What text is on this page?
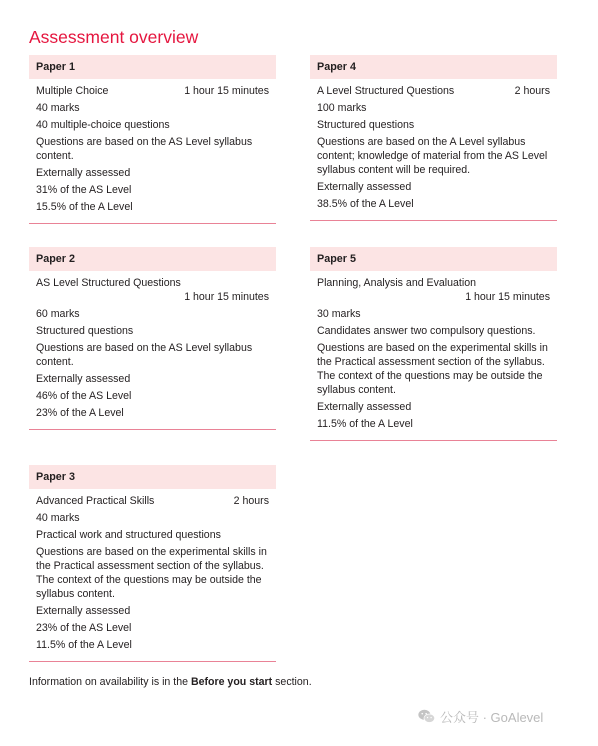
Assessment overview
Paper 1
Multiple Choice	1 hour 15 minutes
40 marks
40 multiple-choice questions
Questions are based on the AS Level syllabus content.
Externally assessed
31% of the AS Level
15.5% of the A Level
Paper 2
AS Level Structured Questions
1 hour 15 minutes
60 marks
Structured questions
Questions are based on the AS Level syllabus content.
Externally assessed
46% of the AS Level
23% of the A Level
Paper 3
Advanced Practical Skills	2 hours
40 marks
Practical work and structured questions
Questions are based on the experimental skills in the Practical assessment section of the syllabus. The context of the questions may be outside the syllabus content.
Externally assessed
23% of the AS Level
11.5% of the A Level
Paper 4
A Level Structured Questions	2 hours
100 marks
Structured questions
Questions are based on the A Level syllabus content; knowledge of material from the AS Level syllabus content will be required.
Externally assessed
38.5% of the A Level
Paper 5
Planning, Analysis and Evaluation
1 hour 15 minutes
30 marks
Candidates answer two compulsory questions.
Questions are based on the experimental skills in the Practical assessment section of the syllabus. The context of the questions may be outside the syllabus content.
Externally assessed
11.5% of the A Level
Information on availability is in the Before you start section.
公众号 · GoAlevel
